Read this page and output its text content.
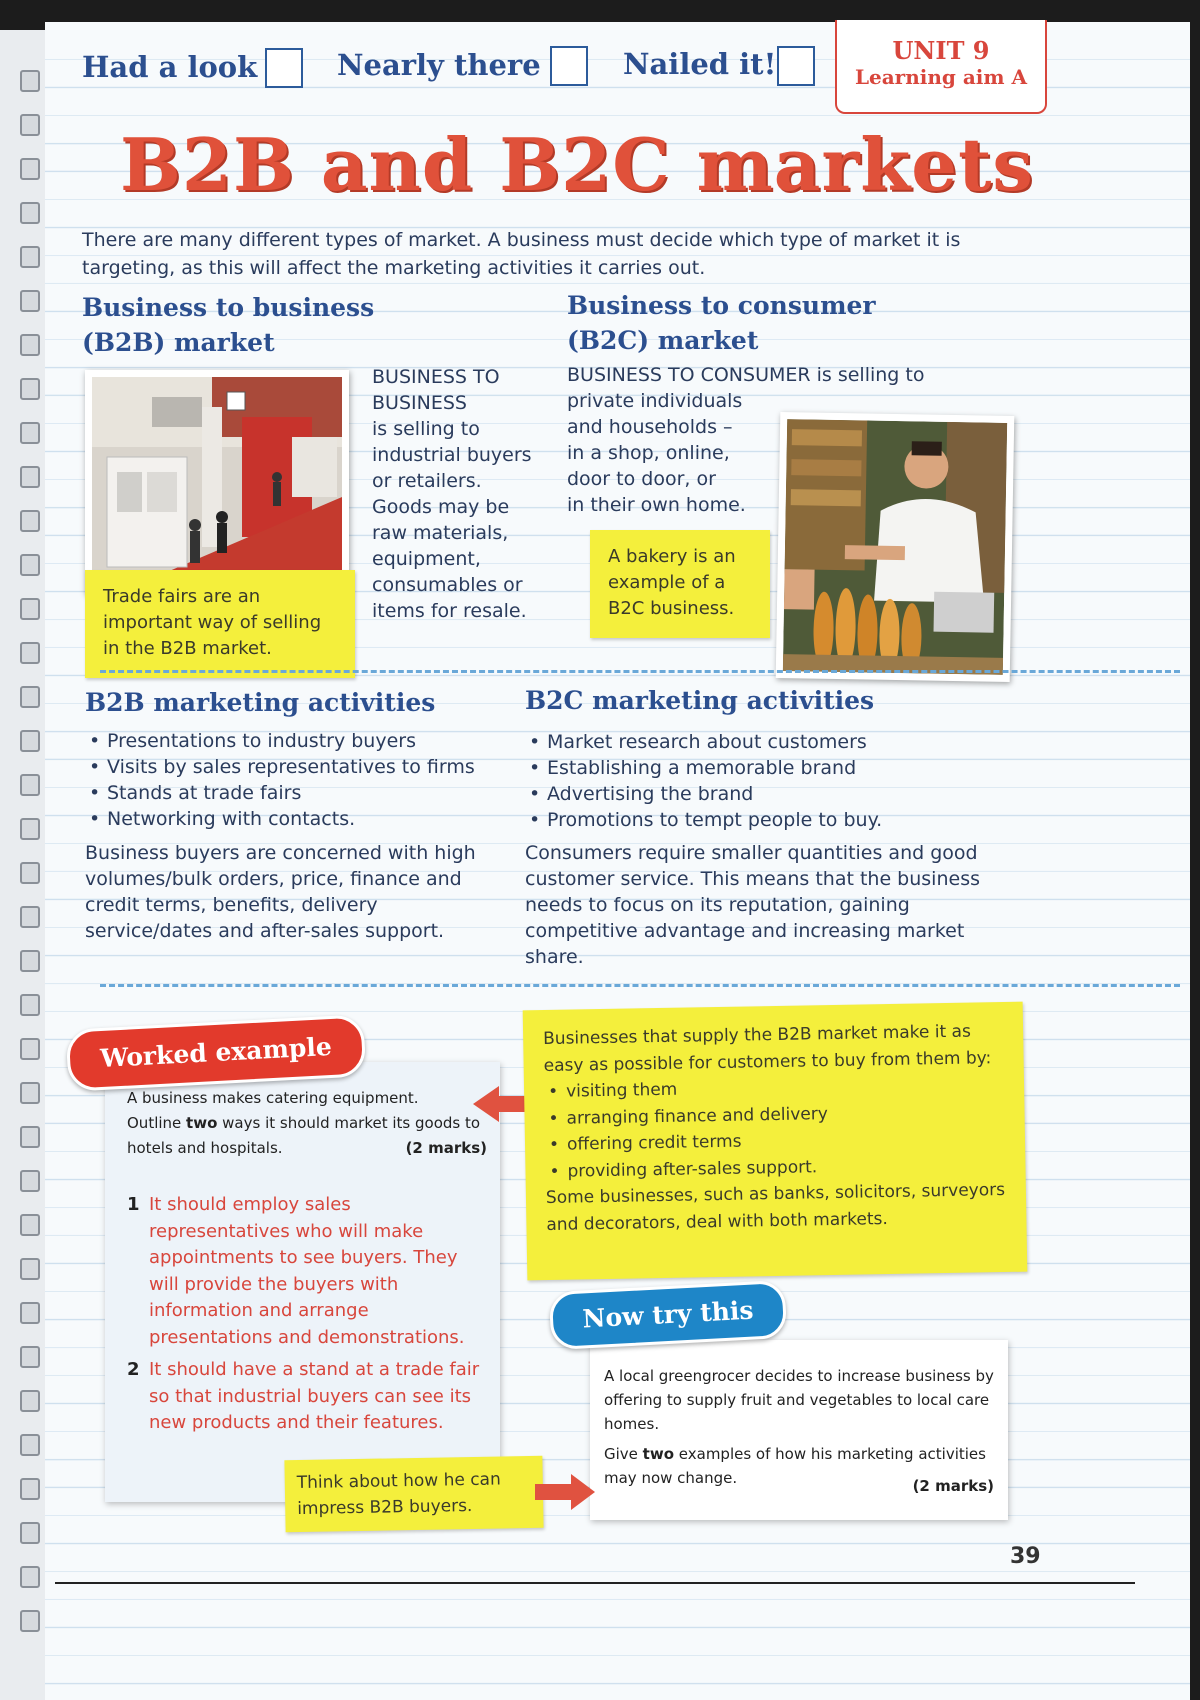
Had a look	Nearly there	Nailed it!	UNIT 9
Learning aim A
B2B and B2C markets
There are many different types of market. A business must decide which type of market it is targeting, as this will affect the marketing activities it carries out.
Business to business
(B2B) market
Trade fairs are an important way of selling in the B2B market.
BUSINESS TO
BUSINESS
is selling to
industrial buyers
or retailers.
Goods may be
raw materials,
equipment,
consumables or
items for resale.
Business to consumer
(B2C) market
BUSINESS TO CONSUMER is selling to
private individuals
and households –
in a shop, online,
door to door, or
in their own home.
A bakery is an example of a B2C business.
B2B marketing activities
• Presentations to industry buyers
• Visits by sales representatives to firms
• Stands at trade fairs
• Networking with contacts.
Business buyers are concerned with high volumes/bulk orders, price, finance and credit terms, benefits, delivery service/dates and after-sales support.
B2C marketing activities
• Market research about customers
• Establishing a memorable brand
• Advertising the brand
• Promotions to tempt people to buy.
Consumers require smaller quantities and good customer service. This means that the business needs to focus on its reputation, gaining competitive advantage and increasing market share.
A business makes catering equipment.
Outline two ways it should market its goods to hotels and hospitals.	(2 marks)
1 It should employ sales representatives who will make appointments to see buyers. They will provide the buyers with information and arrange presentations and demonstrations.
2 It should have a stand at a trade fair so that industrial buyers can see its new products and their features.
Worked example	Businesses that supply the B2B market make it as easy as possible for customers to buy from them by:
• visiting them
• arranging finance and delivery
• offering credit terms
• providing after-sales support.
Some businesses, such as banks, solicitors, surveyors and decorators, deal with both markets.
A local greengrocer decides to increase business by offering to supply fruit and vegetables to local care homes.
Give two examples of how his marketing activities may now change.	(2 marks)
Now try this
Think about how he can impress B2B buyers.
39
